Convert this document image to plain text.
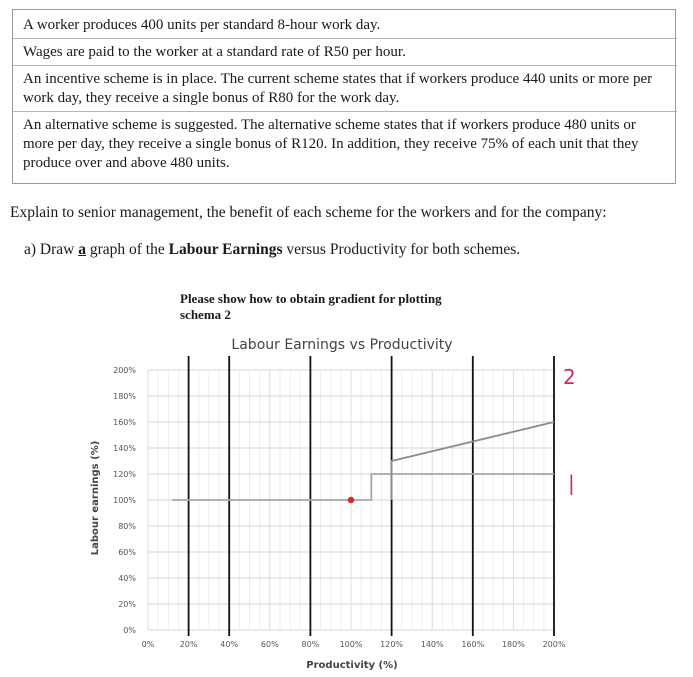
A worker produces 400 units per standard 8-hour work day.

Wages are paid to the worker at a standard rate of R50 per hour.

An incentive scheme is in place. The current scheme states that if workers produce 440 units or more per work day, they receive a single bonus of R80 for the work day.

An alternative scheme is suggested. The alternative scheme states that if workers produce 480 units or more per day, they receive a single bonus of R120. In addition, they receive 75% of each unit that they produce over and above 480 units.

Explain to senior management, the benefit of each scheme for the workers and for the company:

a) Draw a graph of the Labour Earnings versus Productivity for both schemes.

Please show how to obtain gradient for plotting schema 2

Labour Earnings vs Productivity
0%
20%
40%
60%
80%
100%
120%
140%
160%
180%
200%
0%	20%	40%	60%	80%	100% 120% 140% 160% 180% 200%
Productivity (%)
Labour earnings (%)
2
|
